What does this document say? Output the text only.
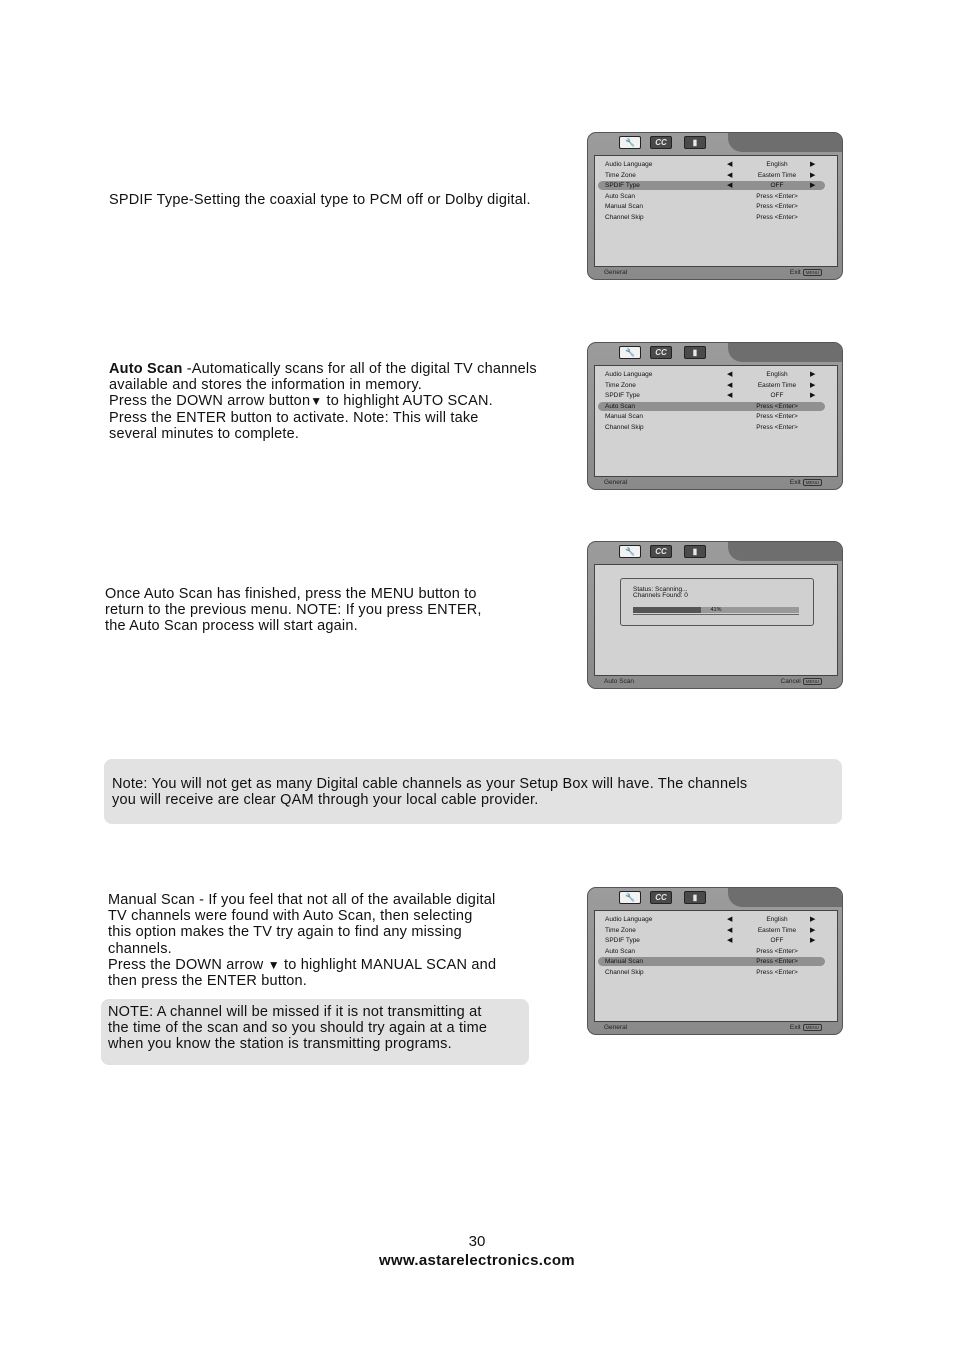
SPDIF Type-Setting the coaxial type to PCM off or Dolby digital.

Auto Scan -Automatically scans for all of the digital TV channels

available and stores the information in memory.

Press the DOWN arrow button▼ to highlight AUTO SCAN.

Press the ENTER button to activate. Note: This will take

several minutes to complete.

Once Auto Scan has finished, press the MENU button to

return to the previous menu. NOTE: If you press ENTER,

the Auto Scan process will start again.

Note: You will not get as many Digital cable channels as your Setup Box will have. The channels

you will receive are clear QAM through your local cable provider.

Manual Scan - If you feel that not all of the available digital

TV channels were found with Auto Scan, then selecting

this option makes the TV try again to find any missing

channels.

Press the DOWN arrow ▼ to highlight MANUAL SCAN and

then press the ENTER button.

NOTE: A channel will be missed if it is not transmitting at

the time of the scan and so you should try again at a time

when you know the station is transmitting programs.

🔧	CC	▮
Audio Language	◀	English	▶
Time Zone	◀	Eastern Time	▶
SPDIF Type	◀	OFF	▶
Auto Scan	Press <Enter>
Manual Scan	Press <Enter>
Channel Skip	Press <Enter>
General	Exit MENU
🔧	CC	▮
Audio Language	◀	English	▶
Time Zone	◀	Eastern Time	▶
SPDIF Type	◀	OFF	▶
Auto Scan	Press <Enter>
Manual Scan	Press <Enter>
Channel Skip	Press <Enter>
General	Exit MENU
🔧	CC	▮
Audio Language	◀	English	▶
Time Zone	◀	Eastern Time	▶
SPDIF Type	◀	OFF	▶
Auto Scan	Press <Enter>
Manual Scan	Press <Enter>
Channel Skip	Press <Enter>
General	Exit MENU
🔧	CC	▮
Status: Scanning...
Channels Found: 0
41%
Auto Scan	Cancel MENU
30
www.astarelectronics.com
